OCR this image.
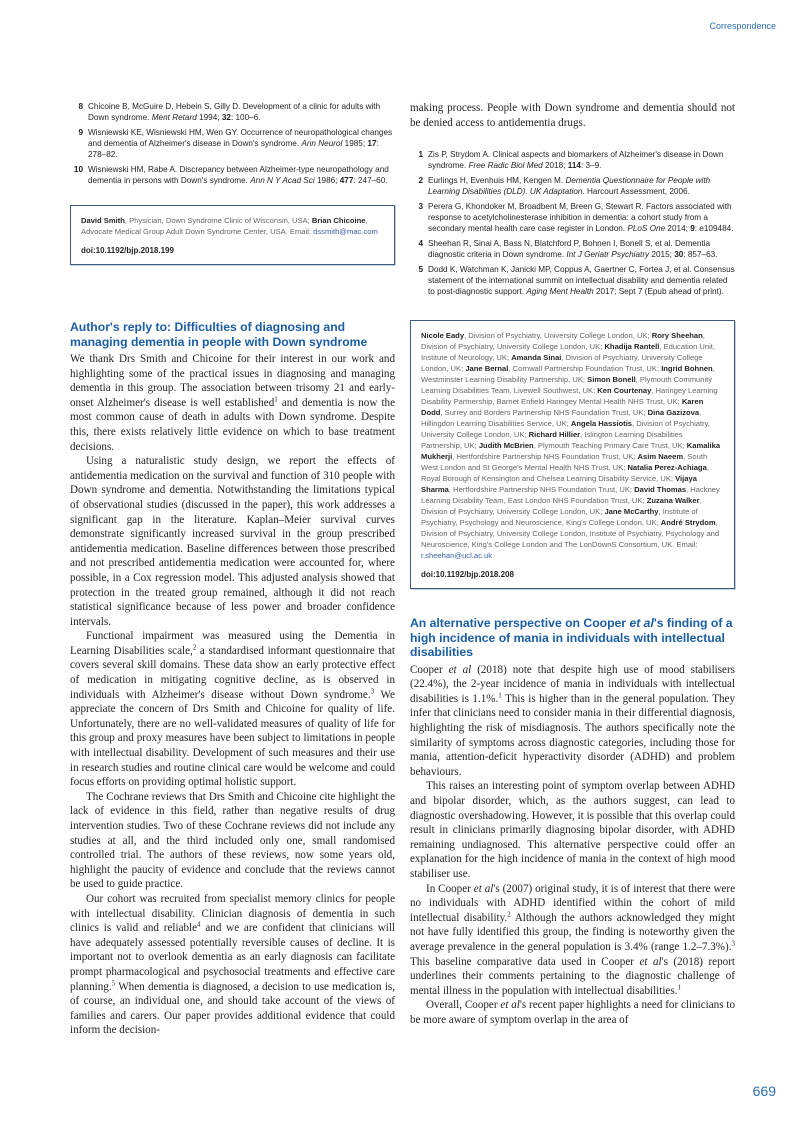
Correspondence
8 Chicoine B, McGuire D, Hebein S, Gilly D. Development of a clinic for adults with Down syndrome. Ment Retard 1994; 32: 100–6.
9 Wisniewski KE, Wisniewski HM, Wen GY. Occurrence of neuropathological changes and dementia of Alzheimer's disease in Down's syndrome. Ann Neurol 1985; 17: 278–82.
10 Wisniewski HM, Rabe A. Discrepancy between Alzheimer-type neuropathology and dementia in persons with Down's syndrome. Ann N Y Acad Sci 1986; 477: 247–60.
David Smith, Physician, Down Syndrome Clinic of Wisconsin, USA; Brian Chicoine, Advocate Medical Group Adult Down Syndrome Center, USA. Email: dssmith@mac.com
doi:10.1192/bjp.2018.199
Author's reply to: Difficulties of diagnosing and managing dementia in people with Down syndrome

We thank Drs Smith and Chicoine for their interest in our work and highlighting some of the practical issues in diagnosing and managing dementia in this group. The association between trisomy 21 and early-onset Alzheimer's disease is well established$^1$ and dementia is now the most common cause of death in adults with Down syndrome. Despite this, there exists relatively little evidence on which to base treatment decisions.

Using a naturalistic study design, we report the effects of antidementia medication on the survival and function of 310 people with Down syndrome and dementia. Notwithstanding the limitations typical of observational studies (discussed in the paper), this work addresses a significant gap in the literature. Kaplan–Meier survival curves demonstrate significantly increased survival in the group prescribed antidementia medication. Baseline differences between those prescribed and not prescribed antidementia medication were accounted for, where possible, in a Cox regression model. This adjusted analysis showed that protection in the treated group remained, although it did not reach statistical significance because of less power and broader confidence intervals.

Functional impairment was measured using the Dementia in Learning Disabilities scale,$^2$ a standardised informant questionnaire that covers several skill domains. These data show an early protective effect of medication in mitigating cognitive decline, as is observed in individuals with Alzheimer's disease without Down syndrome.$^3$ We appreciate the concern of Drs Smith and Chicoine for quality of life. Unfortunately, there are no well-validated measures of quality of life for this group and proxy measures have been subject to limitations in people with intellectual disability. Development of such measures and their use in research studies and routine clinical care would be welcome and could focus efforts on providing optimal holistic support.

The Cochrane reviews that Drs Smith and Chicoine cite highlight the lack of evidence in this field, rather than negative results of drug intervention studies. Two of these Cochrane reviews did not include any studies at all, and the third included only one, small randomised controlled trial. The authors of these reviews, now some years old, highlight the paucity of evidence and conclude that the reviews cannot be used to guide practice.

Our cohort was recruited from specialist memory clinics for people with intellectual disability. Clinician diagnosis of dementia in such clinics is valid and reliable$^4$ and we are confident that clinicians will have adequately assessed potentially reversible causes of decline. It is important not to overlook dementia as an early diagnosis can facilitate prompt pharmacological and psychosocial treatments and effective care planning.$^5$ When dementia is diagnosed, a decision to use medication is, of course, an individual one, and should take account of the views of families and carers. Our paper provides additional evidence that could inform the decision-

making process. People with Down syndrome and dementia should not be denied access to antidementia drugs.

1 Zis P, Strydom A. Clinical aspects and biomarkers of Alzheimer's disease in Down syndrome. Free Radic Biol Med 2018; 114: 3–9.
2 Eurlings H, Evenhuis HM, Kengen M. Dementia Questionnaire for People with Learning Disabilities (DLD). UK Adaptation. Harcourt Assessment, 2006.
3 Perera G, Khondoker M, Broadbent M, Breen G, Stewart R. Factors associated with response to acetylcholinesterase inhibition in dementia: a cohort study from a secondary mental health care case register in London. PLoS One 2014; 9: e109484.
4 Sheehan R, Sinai A, Bass N, Blatchford P, Bohnen I, Bonell S, et al. Dementia diagnostic criteria in Down syndrome. Int J Geriatr Psychiatry 2015; 30: 857–63.
5 Dodd K, Watchman K, Janicki MP, Coppus A, Gaertner C, Fortea J, et al. Consensus statement of the international summit on intellectual disability and dementia related to post-diagnostic support. Aging Ment Health 2017; Sept 7 (Epub ahead of print).
Nicole Eady, Division of Psychiatry, University College London, UK; Rory Sheehan, Division of Psychiatry, University College London, UK; Khadija Rantell, Education Unit, Institute of Neurology, UK; Amanda Sinai, Division of Psychiatry, University College London, UK; Jane Bernal, Cornwall Partnership Foundation Trust, UK; Ingrid Bohnen, Westminster Learning Disability Partnership, UK; Simon Bonell, Plymouth Community Learning Disabilities Team, Livewell Southwest, UK; Ken Courtenay, Haringey Learning Disability Partnership, Barnet Enfield Haringey Mental Health NHS Trust, UK; Karen Dodd, Surrey and Borders Partnership NHS Foundation Trust, UK; Dina Gazizova, Hillingdon Learning Disabilities Service, UK; Angela Hassiotis, Division of Psychiatry, University College London, UK; Richard Hillier, Islington Learning Disabilities Partnership, UK; Judith McBrien, Plymouth Teaching Primary Care Trust, UK; Kamalika Mukherji, Hertfordshire Partnership NHS Foundation Trust, UK; Asim Naeem, South West London and St George's Mental Health NHS Trust, UK; Natalia Perez-Achiaga, Royal Borough of Kensington and Chelsea Learning Disability Service, UK; Vijaya Sharma, Hertfordshire Partnership NHS Foundation Trust, UK; David Thomas, Hackney Learning Disability Team, East London NHS Foundation Trust, UK; Zuzana Walker, Division of Psychiatry, University College London, UK; Jane McCarthy, Institute of Psychiatry, Psychology and Neuroscience, King's College London, UK; André Strydom, Division of Psychiatry, University College London, Institute of Psychiatry, Psychology and Neuroscience, King's College London and The LonDownS Consortium, UK. Email: r.sheehan@ucl.ac.uk
doi:10.1192/bjp.2018.208
An alternative perspective on Cooper et al's finding of a high incidence of mania in individuals with intellectual disabilities

Cooper et al (2018) note that despite high use of mood stabilisers (22.4%), the 2-year incidence of mania in individuals with intellectual disabilities is 1.1%.$^1$ This is higher than in the general population. They infer that clinicians need to consider mania in their differential diagnosis, highlighting the risk of misdiagnosis. The authors specifically note the similarity of symptoms across diagnostic categories, including those for mania, attention-deficit hyperactivity disorder (ADHD) and problem behaviours.

This raises an interesting point of symptom overlap between ADHD and bipolar disorder, which, as the authors suggest, can lead to diagnostic overshadowing. However, it is possible that this overlap could result in clinicians primarily diagnosing bipolar disorder, with ADHD remaining undiagnosed. This alternative perspective could offer an explanation for the high incidence of mania in the context of high mood stabiliser use.

In Cooper et al's (2007) original study, it is of interest that there were no individuals with ADHD identified within the cohort of mild intellectual disability.$^2$ Although the authors acknowledged they might not have fully identified this group, the finding is noteworthy given the average prevalence in the general population is 3.4% (range 1.2–7.3%).$^3$ This baseline comparative data used in Cooper et al's (2018) report underlines their comments pertaining to the diagnostic challenge of mental illness in the population with intellectual disabilities.$^1$

Overall, Cooper et al's recent paper highlights a need for clinicians to be more aware of symptom overlap in the area of

669
